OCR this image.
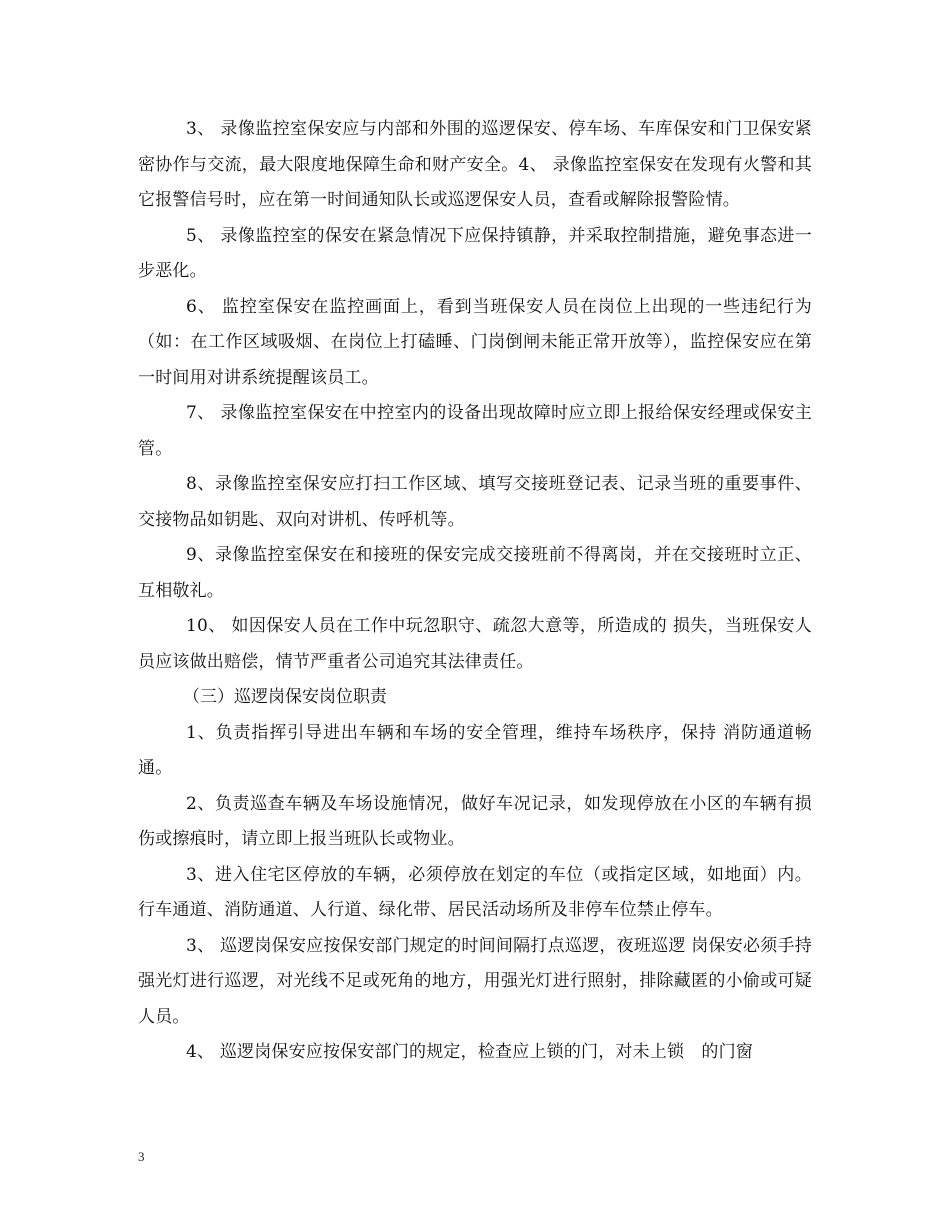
3、 录像监控室保安应与内部和外围的巡逻保安、停车场、车库保安和门卫保安紧密协作与交流，最大限度地保障生命和财产安全。4、 录像监控室保安在发现有火警和其它报警信号时，应在第一时间通知队长或巡逻保安人员，查看或解除报警险情。

5、 录像监控室的保安在紧急情况下应保持镇静，并采取控制措施，避免事态进一步恶化。

6、 监控室保安在监控画面上，看到当班保安人员在岗位上出现的一些违纪行为（如：在工作区域吸烟、在岗位上打磕睡、门岗倒闸未能正常开放等），监控保安应在第一时间用对讲系统提醒该员工。

7、 录像监控室保安在中控室内的设备出现故障时应立即上报给保安经理或保安主管。

8、录像监控室保安应打扫工作区域、填写交接班登记表、记录当班的重要事件、交接物品如钥匙、双向对讲机、传呼机等。

9、录像监控室保安在和接班的保安完成交接班前不得离岗，并在交接班时立正、互相敬礼。

10、 如因保安人员在工作中玩忽职守、疏忽大意等，所造成的 损失，当班保安人员应该做出赔偿，情节严重者公司追究其法律责任。

（三）巡逻岗保安岗位职责

1、负责指挥引导进出车辆和车场的安全管理，维持车场秩序，保持 消防通道畅通。

2、负责巡查车辆及车场设施情况，做好车况记录，如发现停放在小区的车辆有损伤或擦痕时，请立即上报当班队长或物业。

3、进入住宅区停放的车辆，必须停放在划定的车位（或指定区域，如地面）内。行车通道、消防通道、人行道、绿化带、居民活动场所及非停车位禁止停车。

3、 巡逻岗保安应按保安部门规定的时间间隔打点巡逻，夜班巡逻 岗保安必须手持强光灯进行巡逻，对光线不足或死角的地方，用强光灯进行照射，排除藏匿的小偷或可疑人员。

4、 巡逻岗保安应按保安部门的规定，检查应上锁的门，对未上锁　的门窗

3
